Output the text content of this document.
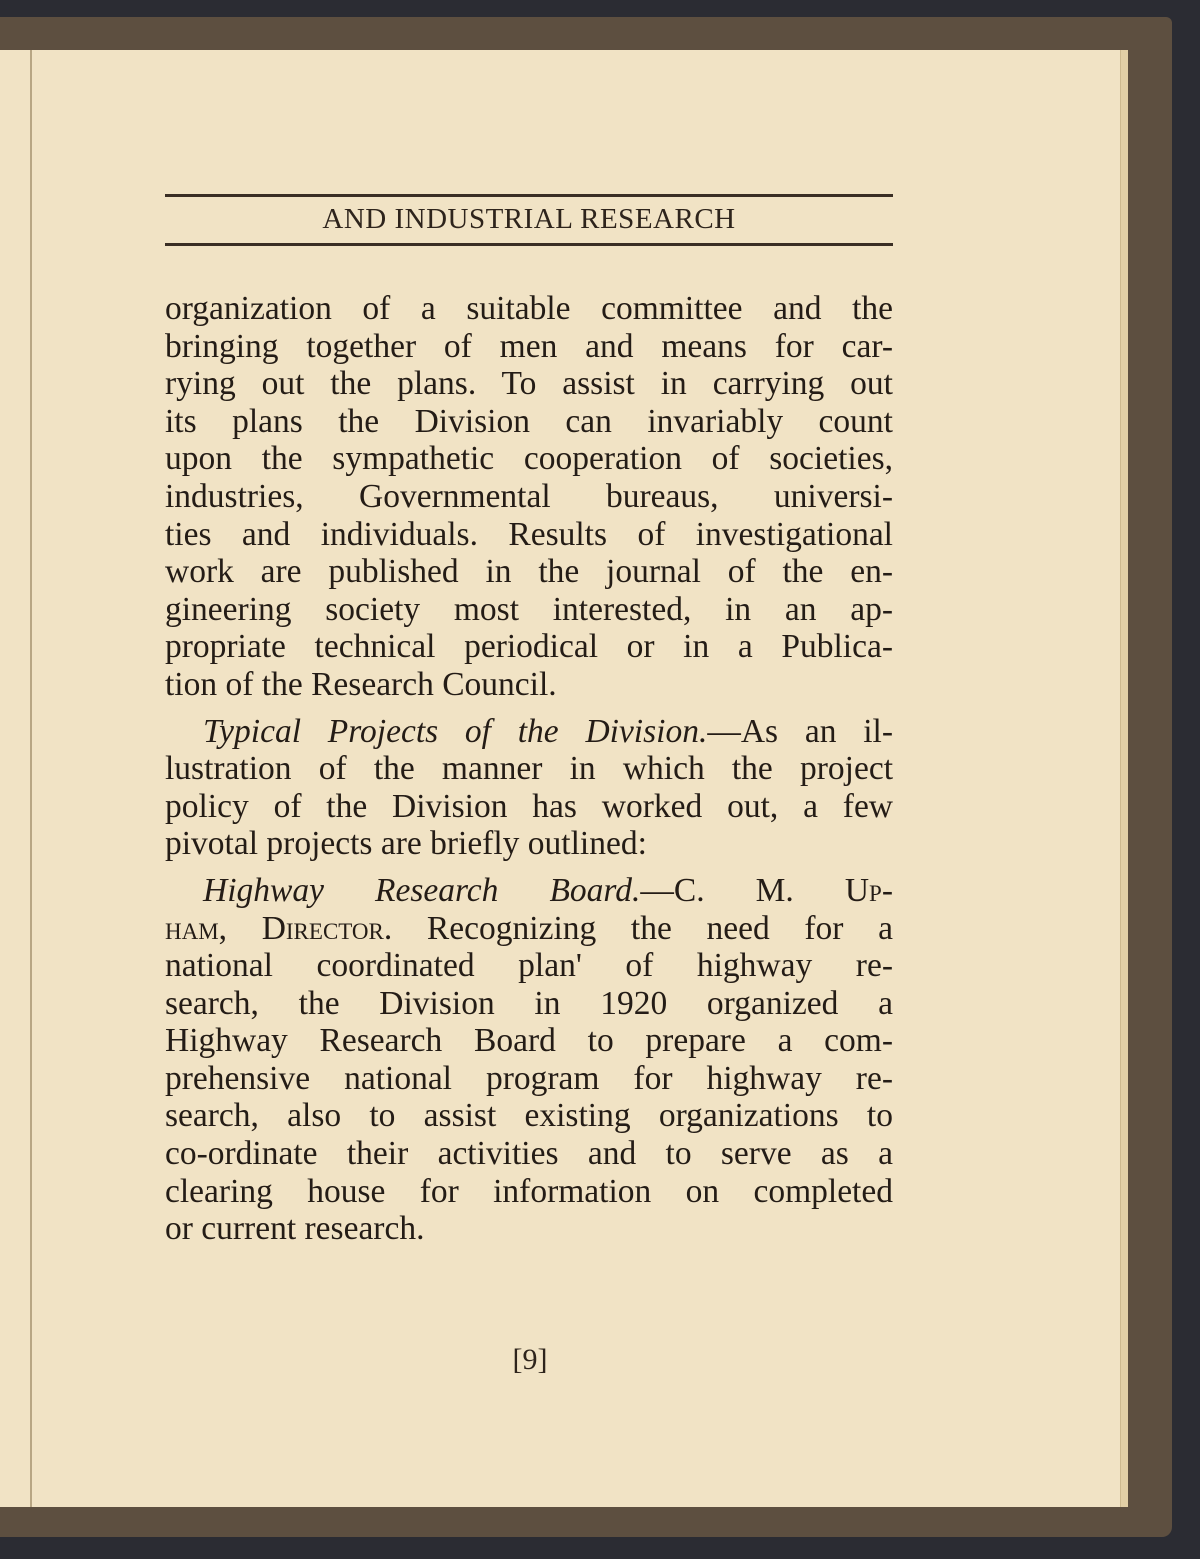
AND INDUSTRIAL RESEARCH
organization of a suitable committee and the
bringing together of men and means for car-
rying out the plans. To assist in carrying out
its plans the Division can invariably count
upon the sympathetic cooperation of societies,
industries, Governmental bureaus, universi-
ties and individuals. Results of investigational
work are published in the journal of the en-
gineering society most interested, in an ap-
propriate technical periodical or in a Publica-
tion of the Research Council.
Typical Projects of the Division.—As an il-
lustration of the manner in which the project
policy of the Division has worked out, a few
pivotal projects are briefly outlined:
Highway Research Board.—C. M. Up-
ham, Director. Recognizing the need for a
national coordinated plan' of highway re-
search, the Division in 1920 organized a
Highway Research Board to prepare a com-
prehensive national program for highway re-
search, also to assist existing organizations to
co-ordinate their activities and to serve as a
clearing house for information on completed
or current research.
[9]
